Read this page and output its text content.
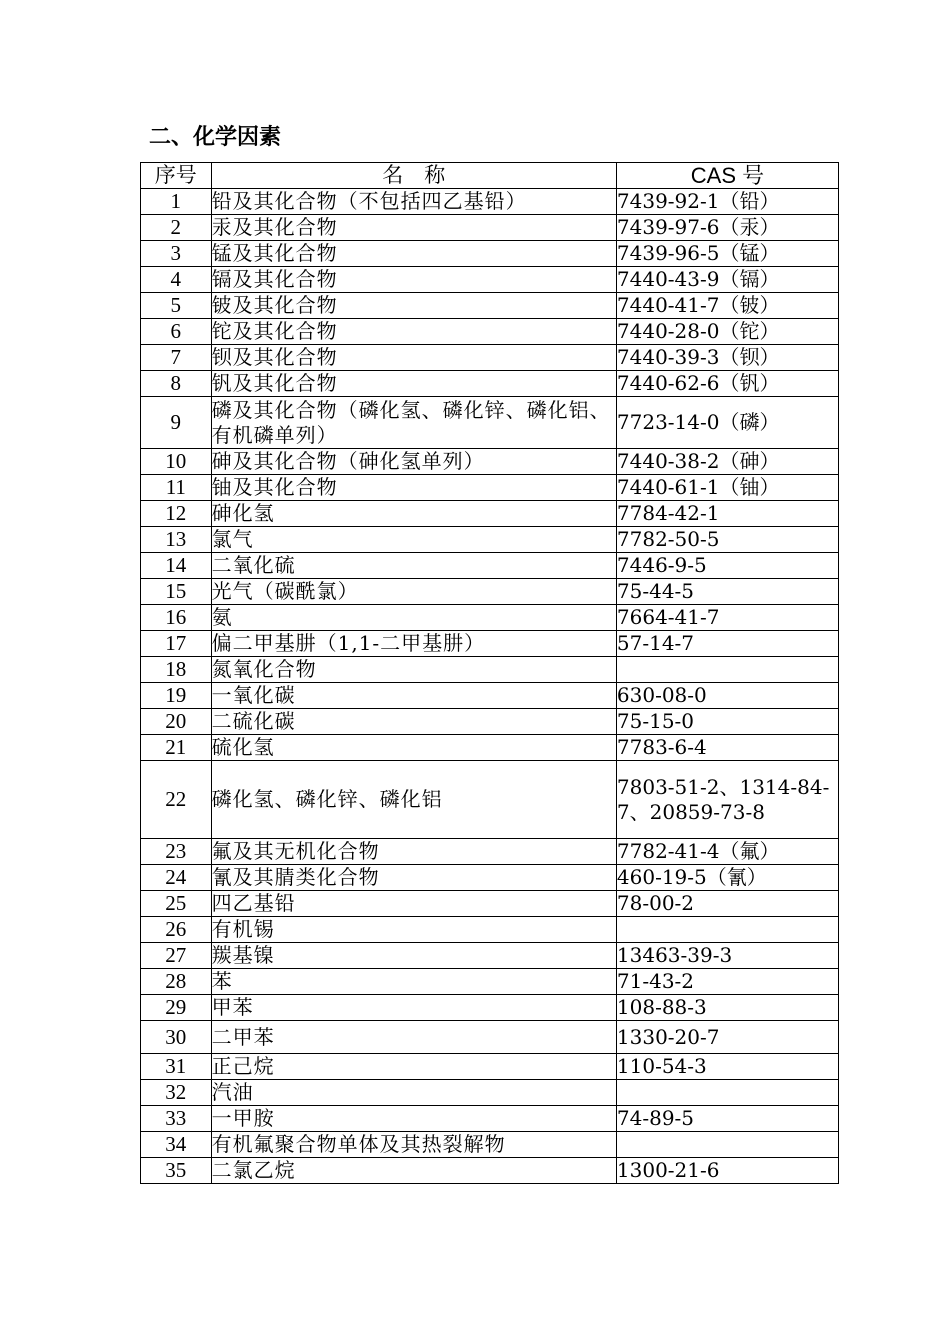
二、化学因素
序号	名　称	CAS 号
1	铅及其化合物（不包括四乙基铅）	7439-92-1（铅）
2	汞及其化合物	7439-97-6（汞）
3	锰及其化合物	7439-96-5（锰）
4	镉及其化合物	7440-43-9（镉）
5	铍及其化合物	7440-41-7（铍）
6	铊及其化合物	7440-28-0（铊）
7	钡及其化合物	7440-39-3（钡）
8	钒及其化合物	7440-62-6（钒）
9	磷及其化合物（磷化氢、磷化锌、磷化铝、有机磷单列）	7723-14-0（磷）
10	砷及其化合物（砷化氢单列）	7440-38-2（砷）
11	铀及其化合物	7440-61-1（铀）
12	砷化氢	7784-42-1
13	氯气	7782-50-5
14	二氧化硫	7446-9-5
15	光气（碳酰氯）	75-44-5
16	氨	7664-41-7
17	偏二甲基肼（1,1-二甲基肼）	57-14-7
18	氮氧化合物	
19	一氧化碳	630-08-0
20	二硫化碳	75-15-0
21	硫化氢	7783-6-4
22	磷化氢、磷化锌、磷化铝	7803-51-2、1314-84-7、20859-73-8
23	氟及其无机化合物	7782-41-4（氟）
24	氰及其腈类化合物	460-19-5（氰）
25	四乙基铅	78-00-2
26	有机锡	
27	羰基镍	13463-39-3
28	苯	71-43-2
29	甲苯	108-88-3
30	二甲苯	1330-20-7
31	正己烷	110-54-3
32	汽油	
33	一甲胺	74-89-5
34	有机氟聚合物单体及其热裂解物	
35	二氯乙烷	1300-21-6
